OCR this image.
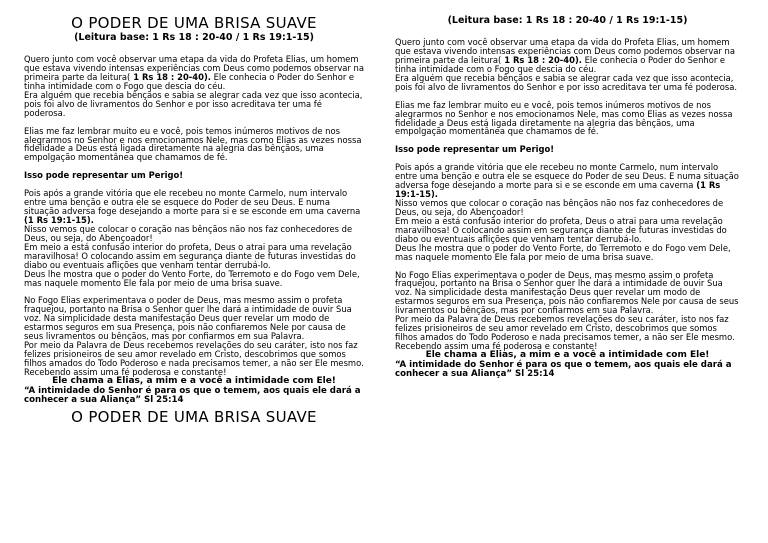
O PODER DE UMA BRISA SUAVE
(Leitura base: 1 Rs 18 : 20-40 / 1 Rs 19:1-15)

Quero junto com você observar uma etapa da vida do Profeta Elias, um homem que estava vivendo intensas experiências com Deus como podemos observar na primeira parte da leitura( 1 Rs 18 : 20-40). Ele conhecia o Poder do Senhor e tinha intimidade com o Fogo que descia do céu.

Era alguém que recebia bênçãos e sabia se alegrar cada vez que isso acontecia, pois foi alvo de livramentos do Senhor e por isso acreditava ter uma fé poderosa.

Elias me faz lembrar muito eu e você, pois temos inúmeros motivos de nos alegrarmos no Senhor e nos emocionamos Nele, mas como Elias as vezes nossa fidelidade a Deus está ligada diretamente na alegria das bênçãos, uma empolgação momentânea que chamamos de fé.

Isso pode representar um Perigo!

Pois após a grande vitória que ele recebeu no monte Carmelo, num intervalo entre uma benção e outra ele se esquece do Poder de seu Deus. E numa situação adversa foge desejando a morte para si e se esconde em uma caverna (1 Rs 19:1-15).

Nisso vemos que colocar o coração nas bênçãos não nos faz conhecedores de Deus, ou seja, do Abençoador!

Em meio a está confusão interior do profeta, Deus o atrai para uma revelação maravilhosa! O colocando assim em segurança diante de futuras investidas do diabo ou eventuais aflições que venham tentar derrubá-lo.

Deus lhe mostra que o poder do Vento Forte, do Terremoto e do Fogo vem Dele, mas naquele momento Ele fala por meio de uma brisa suave.

No Fogo Elias experimentava o poder de Deus, mas mesmo assim o profeta fraquejou, portanto na Brisa o Senhor quer lhe dará a intimidade de ouvir Sua voz. Na simplicidade desta manifestação Deus quer revelar um modo de estarmos seguros em sua Presença, pois não confiaremos Nele por causa de seus livramentos ou bênçãos, mas por confiarmos em sua Palavra.

Por meio da Palavra de Deus recebemos revelações do seu caráter, isto nos faz felizes prisioneiros de seu amor revelado em Cristo, descobrimos que somos filhos amados do Todo Poderoso e nada precisamos temer, a não ser Ele mesmo. Recebendo assim uma fé poderosa e constante!

Ele chama a Elias, a mim e a você a intimidade com Ele!

“A intimidade do Senhor é para os que o temem, aos quais ele dará a conhecer a sua Aliança” Sl 25:14

O PODER DE UMA BRISA SUAVE
(Leitura base: 1 Rs 18 : 20-40 / 1 Rs 19:1-15)

Quero junto com você observar uma etapa da vida do Profeta Elias, um homem que estava vivendo intensas experiências com Deus como podemos observar na primeira parte da leitura( 1 Rs 18 : 20-40). Ele conhecia o Poder do Senhor e tinha intimidade com o Fogo que descia do céu.

Era alguém que recebia bênçãos e sabia se alegrar cada vez que isso acontecia, pois foi alvo de livramentos do Senhor e por isso acreditava ter uma fé poderosa.

Elias me faz lembrar muito eu e você, pois temos inúmeros motivos de nos alegrarmos no Senhor e nos emocionamos Nele, mas como Elias as vezes nossa fidelidade a Deus está ligada diretamente na alegria das bênçãos, uma empolgação momentânea que chamamos de fé.

Isso pode representar um Perigo!

Pois após a grande vitória que ele recebeu no monte Carmelo, num intervalo entre uma benção e outra ele se esquece do Poder de seu Deus. E numa situação adversa foge desejando a morte para si e se esconde em uma caverna (1 Rs 19:1-15).

Nisso vemos que colocar o coração nas bênçãos não nos faz conhecedores de Deus, ou seja, do Abençoador!

Em meio a está confusão interior do profeta, Deus o atrai para uma revelação maravilhosa! O colocando assim em segurança diante de futuras investidas do diabo ou eventuais aflições que venham tentar derrubá-lo.

Deus lhe mostra que o poder do Vento Forte, do Terremoto e do Fogo vem Dele, mas naquele momento Ele fala por meio de uma brisa suave.

No Fogo Elias experimentava o poder de Deus, mas mesmo assim o profeta fraquejou, portanto na Brisa o Senhor quer lhe dará a intimidade de ouvir Sua voz. Na simplicidade desta manifestação Deus quer revelar um modo de estarmos seguros em sua Presença, pois não confiaremos Nele por causa de seus livramentos ou bênçãos, mas por confiarmos em sua Palavra.

Por meio da Palavra de Deus recebemos revelações do seu caráter, isto nos faz felizes prisioneiros de seu amor revelado em Cristo, descobrimos que somos filhos amados do Todo Poderoso e nada precisamos temer, a não ser Ele mesmo. Recebendo assim uma fé poderosa e constante!

Ele chama a Elias, a mim e a você a intimidade com Ele!

“A intimidade do Senhor é para os que o temem, aos quais ele dará a conhecer a sua Aliança” Sl 25:14
